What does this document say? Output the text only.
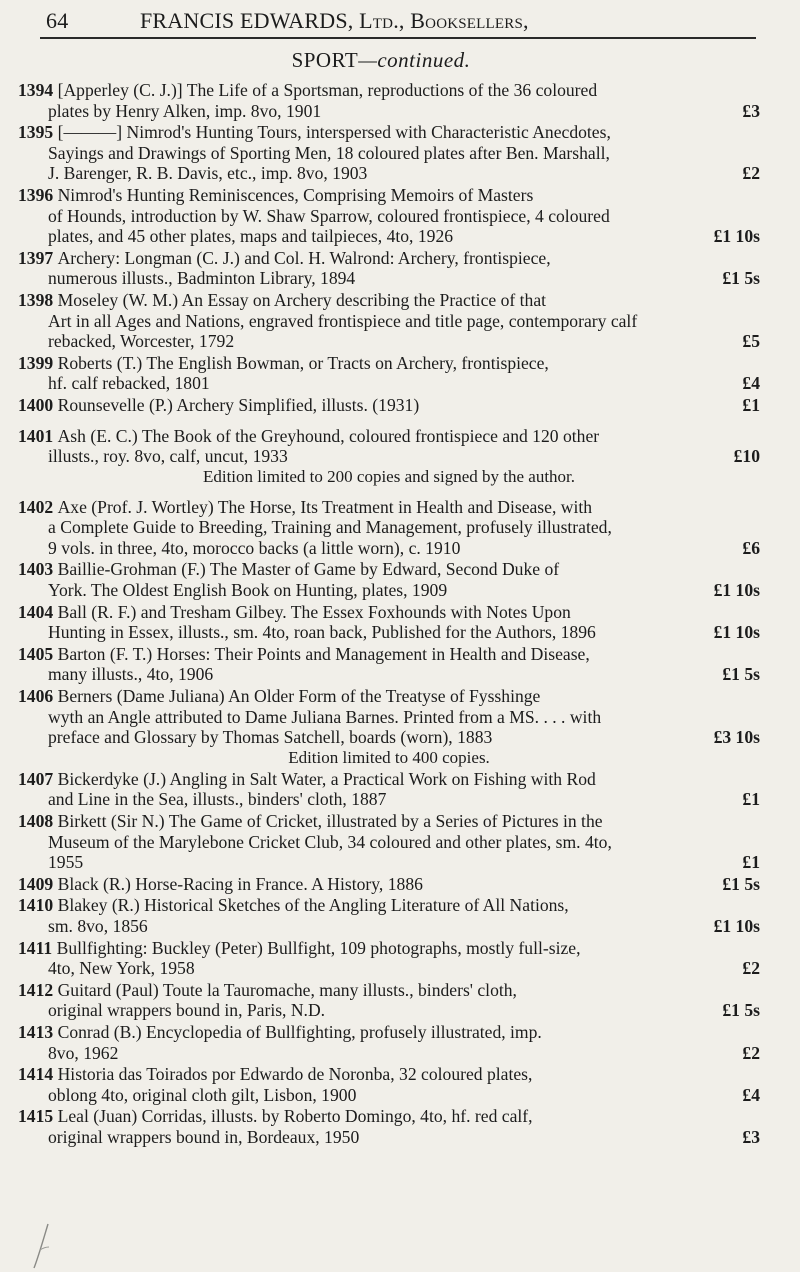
64	FRANCIS EDWARDS, Ltd., Booksellers,
SPORT—continued.
1394 [Apperley (C. J.)] The Life of a Sportsman, reproductions of the 36 coloured
plates by Henry Alken, imp. 8vo, 1901	£3
1395 [———] Nimrod's Hunting Tours, interspersed with Characteristic Anecdotes,
Sayings and Drawings of Sporting Men, 18 coloured plates after Ben. Marshall,
J. Barenger, R. B. Davis, etc., imp. 8vo, 1903	£2
1396 Nimrod's Hunting Reminiscences, Comprising Memoirs of Masters
of Hounds, introduction by W. Shaw Sparrow, coloured frontispiece, 4 coloured
plates, and 45 other plates, maps and tailpieces, 4to, 1926	£1 10s
1397 Archery: Longman (C. J.) and Col. H. Walrond: Archery, frontispiece,
numerous illusts., Badminton Library, 1894	£1 5s
1398 Moseley (W. M.) An Essay on Archery describing the Practice of that
Art in all Ages and Nations, engraved frontispiece and title page, contemporary calf
rebacked, Worcester, 1792	£5
1399 Roberts (T.) The English Bowman, or Tracts on Archery, frontispiece,
hf. calf rebacked, 1801	£4
1400 Rounsevelle (P.) Archery Simplified, illusts. (1931)	£1
1401 Ash (E. C.) The Book of the Greyhound, coloured frontispiece and 120 other
illusts., roy. 8vo, calf, uncut, 1933	£10
Edition limited to 200 copies and signed by the author.
1402 Axe (Prof. J. Wortley) The Horse, Its Treatment in Health and Disease, with
a Complete Guide to Breeding, Training and Management, profusely illustrated,
9 vols. in three, 4to, morocco backs (a little worn), c. 1910	£6
1403 Baillie-Grohman (F.) The Master of Game by Edward, Second Duke of
York. The Oldest English Book on Hunting, plates, 1909	£1 10s
1404 Ball (R. F.) and Tresham Gilbey. The Essex Foxhounds with Notes Upon
Hunting in Essex, illusts., sm. 4to, roan back, Published for the Authors, 1896	£1 10s
1405 Barton (F. T.) Horses: Their Points and Management in Health and Disease,
many illusts., 4to, 1906	£1 5s
1406 Berners (Dame Juliana) An Older Form of the Treatyse of Fysshinge
wyth an Angle attributed to Dame Juliana Barnes. Printed from a MS. . . . with
preface and Glossary by Thomas Satchell, boards (worn), 1883	£3 10s
Edition limited to 400 copies.
1407 Bickerdyke (J.) Angling in Salt Water, a Practical Work on Fishing with Rod
and Line in the Sea, illusts., binders' cloth, 1887	£1
1408 Birkett (Sir N.) The Game of Cricket, illustrated by a Series of Pictures in the
Museum of the Marylebone Cricket Club, 34 coloured and other plates, sm. 4to,
1955	£1
1409 Black (R.) Horse-Racing in France. A History, 1886	£1 5s
1410 Blakey (R.) Historical Sketches of the Angling Literature of All Nations,
sm. 8vo, 1856	£1 10s
1411 Bullfighting: Buckley (Peter) Bullfight, 109 photographs, mostly full-size,
4to, New York, 1958	£2
1412 Guitard (Paul) Toute la Tauromache, many illusts., binders' cloth,
original wrappers bound in, Paris, N.D.	£1 5s
1413 Conrad (B.) Encyclopedia of Bullfighting, profusely illustrated, imp.
8vo, 1962	£2
1414 Historia das Toirados por Edwardo de Noronba, 32 coloured plates,
oblong 4to, original cloth gilt, Lisbon, 1900	£4
1415 Leal (Juan) Corridas, illusts. by Roberto Domingo, 4to, hf. red calf,
original wrappers bound in, Bordeaux, 1950	£3
